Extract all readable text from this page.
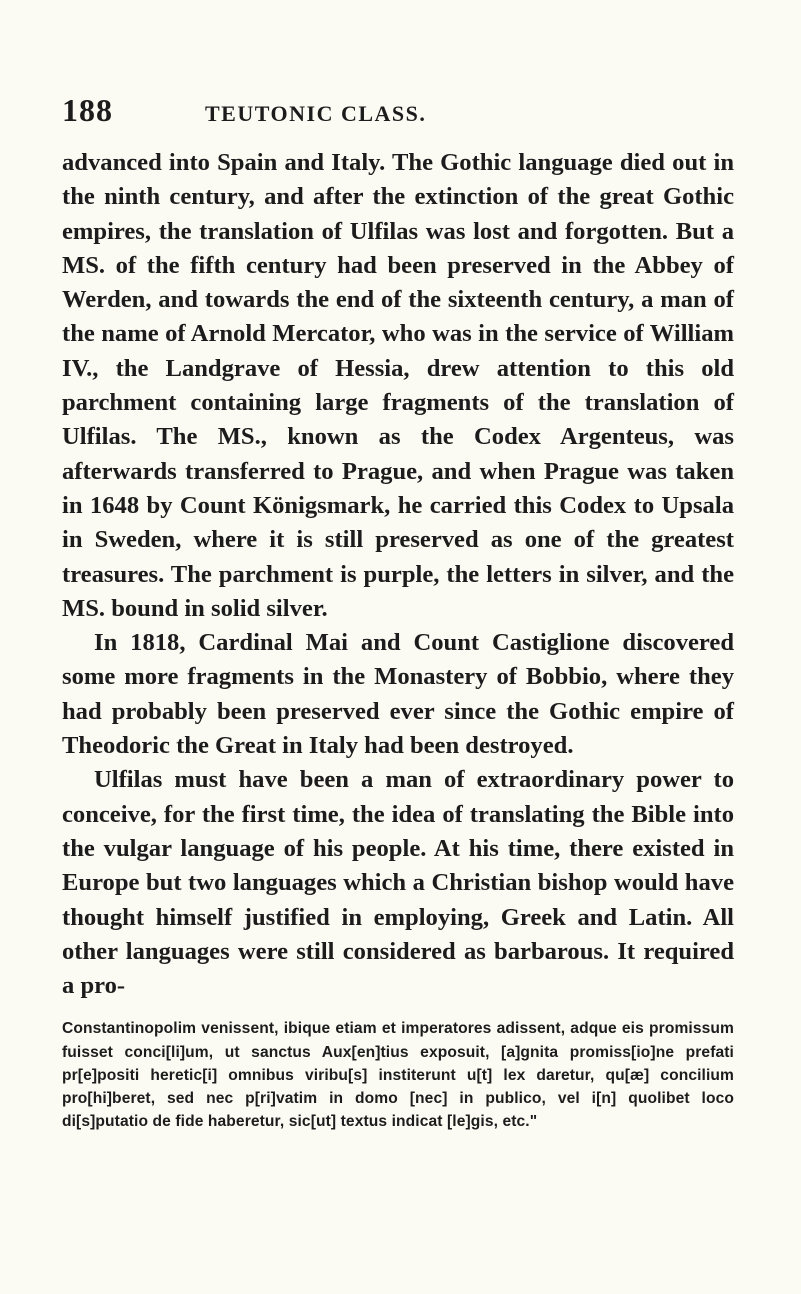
188	TEUTONIC CLASS.

advanced into Spain and Italy. The Gothic language died out in the ninth century, and after the extinction of the great Gothic empires, the translation of Ulfilas was lost and forgotten. But a MS. of the fifth century had been preserved in the Abbey of Werden, and towards the end of the sixteenth century, a man of the name of Arnold Mercator, who was in the service of William IV., the Landgrave of Hessia, drew attention to this old parchment containing large fragments of the translation of Ulfilas. The MS., known as the Codex Argenteus, was afterwards transferred to Prague, and when Prague was taken in 1648 by Count Königsmark, he carried this Codex to Upsala in Sweden, where it is still preserved as one of the greatest treasures. The parchment is purple, the letters in silver, and the MS. bound in solid silver.

In 1818, Cardinal Mai and Count Castiglione discovered some more fragments in the Monastery of Bobbio, where they had probably been preserved ever since the Gothic empire of Theodoric the Great in Italy had been destroyed.

Ulfilas must have been a man of extraordinary power to conceive, for the first time, the idea of translating the Bible into the vulgar language of his people. At his time, there existed in Europe but two languages which a Christian bishop would have thought himself justified in employing, Greek and Latin. All other languages were still considered as barbarous. It required a pro-

Constantinopolim venissent, ibique etiam et imperatores adissent, adque eis promissum fuisset conci[li]um, ut sanctus Aux[en]tius exposuit, [a]gnita promiss[io]ne prefati pr[e]positi heretic[i] omnibus viribu[s] institerunt u[t] lex daretur, qu[æ] concilium pro[hi]beret, sed nec p[ri]vatim in domo [nec] in publico, vel i[n] quolibet loco di[s]putatio de fide haberetur, sic[ut] textus indicat [le]gis, etc."
